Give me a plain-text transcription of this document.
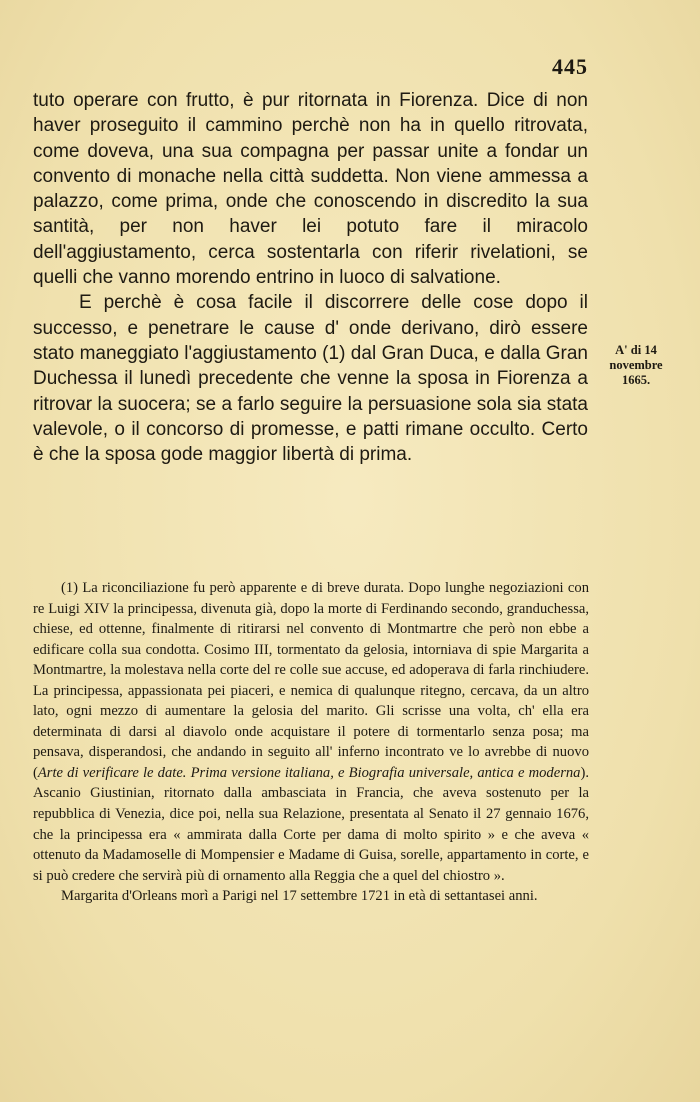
445

tuto operare con frutto, è pur ritornata in Fiorenza. Dice di non haver proseguito il cammino perchè non ha in quello ritrovata, come doveva, una sua compagna per passar unite a fondar un convento di monache nella città suddetta. Non viene ammessa a palazzo, come prima, onde che conoscendo in discredito la sua santità, per non haver lei potuto fare il miracolo dell'aggiustamento, cerca sostentarla con riferir rivelationi, se quelli che vanno morendo entrino in luoco di salvatione.

E perchè è cosa facile il discorrere delle cose dopo il successo, e penetrare le cause d' onde derivano, dirò essere stato maneggiato l'aggiustamento (1) dal Gran Duca, e dalla Gran Duchessa il lunedì precedente che venne la sposa in Fiorenza a ritrovar la suocera; se a farlo seguire la persuasione sola sia stata valevole, o il concorso di promesse, e patti rimane occulto. Certo è che la sposa gode maggior libertà di prima.

A' di 14
novembre
1665.

(1) La riconciliazione fu però apparente e di breve durata. Dopo lunghe negoziazioni con re Luigi XIV la principessa, divenuta già, dopo la morte di Ferdinando secondo, granduchessa, chiese, ed ottenne, finalmente di ritirarsi nel convento di Montmartre che però non ebbe a edificare colla sua condotta. Cosimo III, tormentato da gelosia, intorniava di spie Margarita a Montmartre, la molestava nella corte del re colle sue accuse, ed adoperava di farla rinchiudere. La principessa, appassionata pei piaceri, e nemica di qualunque ritegno, cercava, da un altro lato, ogni mezzo di aumentare la gelosia del marito. Gli scrisse una volta, ch' ella era determinata di darsi al diavolo onde acquistare il potere di tormentarlo senza posa; ma pensava, disperandosi, che andando in seguito all' inferno incontrato ve lo avrebbe di nuovo (Arte di verificare le date. Prima versione italiana, e Biografia universale, antica e moderna). Ascanio Giustinian, ritornato dalla ambasciata in Francia, che aveva sostenuto per la repubblica di Venezia, dice poi, nella sua Relazione, presentata al Senato il 27 gennaio 1676, che la principessa era « ammirata dalla Corte per dama di molto spirito » e che aveva « ottenuto da Madamoselle di Mompensier e Madame di Guisa, sorelle, appartamento in corte, e si può credere che servirà più di ornamento alla Reggia che a quel del chiostro ».

Margarita d'Orleans morì a Parigi nel 17 settembre 1721 in età di settantasei anni.
